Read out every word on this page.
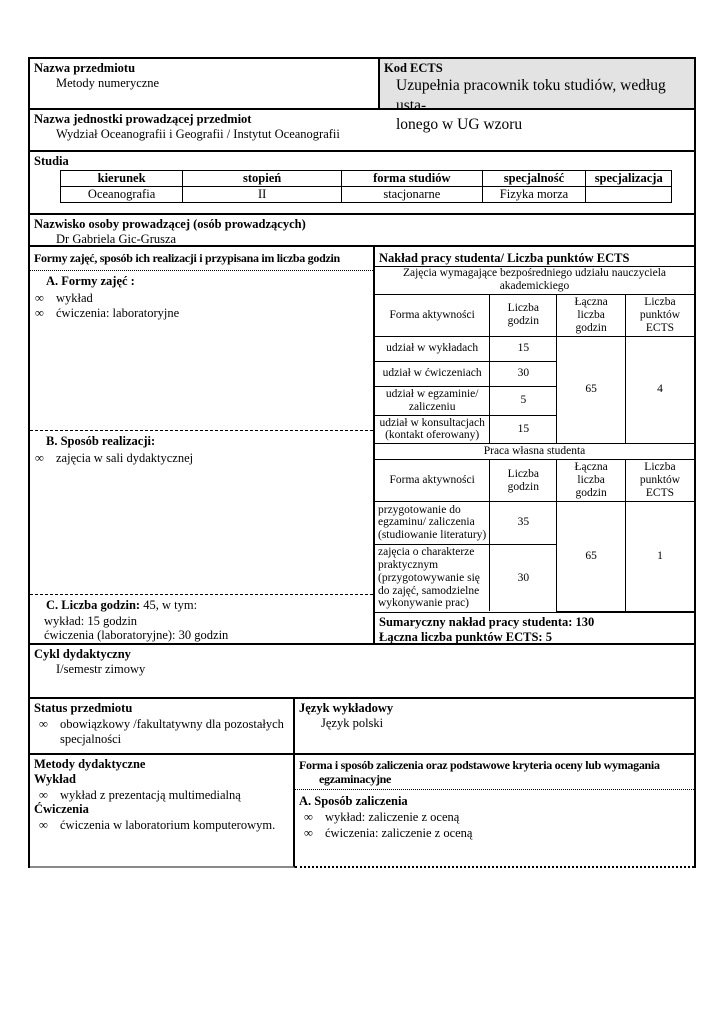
Nazwa przedmiotu
Metody numeryczne
Kod ECTS
Uzupełnia pracownik toku studiów, według usta-
lonego w UG wzoru
Nazwa jednostki prowadzącej przedmiot
Wydział Oceanografii i Geografii / Instytut Oceanografii
Studia
kierunek	stopień	forma studiów	specjalność	specjalizacja
Oceanografia	II	stacjonarne	Fizyka morza	
Nazwisko osoby prowadzącej (osób prowadzących)
Dr Gabriela Gic-Grusza
Formy zajęć, sposób ich realizacji i przypisana im liczba godzin
A. Formy zajęć :
∞ wykład
∞ ćwiczenia: laboratoryjne
B. Sposób realizacji:
∞ zajęcia w sali dydaktycznej
C. Liczba godzin: 45, w tym:
wykład: 15 godzin
ćwiczenia (laboratoryjne): 30 godzin
Nakład pracy studenta/ Liczba punktów ECTS
Zajęcia wymagające bezpośredniego udziału nauczyciela akademickiego
Forma aktywności	Liczba godzin	Łączna liczba godzin	Liczba punktów ECTS
udział w wykładach	15	65	4
udział w ćwiczeniach	30		
udział w egzaminie/ zaliczeniu	5		
udział w konsultacjach (kontakt oferowany)	15		
Praca własna studenta			
Forma aktywności	Liczba godzin	Łączna liczba godzin	Liczba punktów ECTS
przygotowanie do egzaminu/ zaliczenia (studiowanie literatury)	35	65	1
zajęcia o charakterze praktycznym (przygotowywanie się do zajęć, samodzielne wykonywanie prac)	30		
Sumaryczny nakład pracy studenta: 130
Łączna liczba punktów ECTS: 5
Cykl dydaktyczny
I/semestr zimowy
Status przedmiotu
∞ obowiązkowy /fakultatywny dla pozostałych specjalności
Język wykładowy
Język polski
Metody dydaktyczne
Wykład
∞ wykład z prezentacją multimedialną
Ćwiczenia
∞ ćwiczenia w laboratorium komputerowym.
Forma i sposób zaliczenia oraz podstawowe kryteria oceny lub wymagania
egzaminacyjne
A. Sposób zaliczenia
∞ wykład: zaliczenie z oceną
∞ ćwiczenia: zaliczenie z oceną
